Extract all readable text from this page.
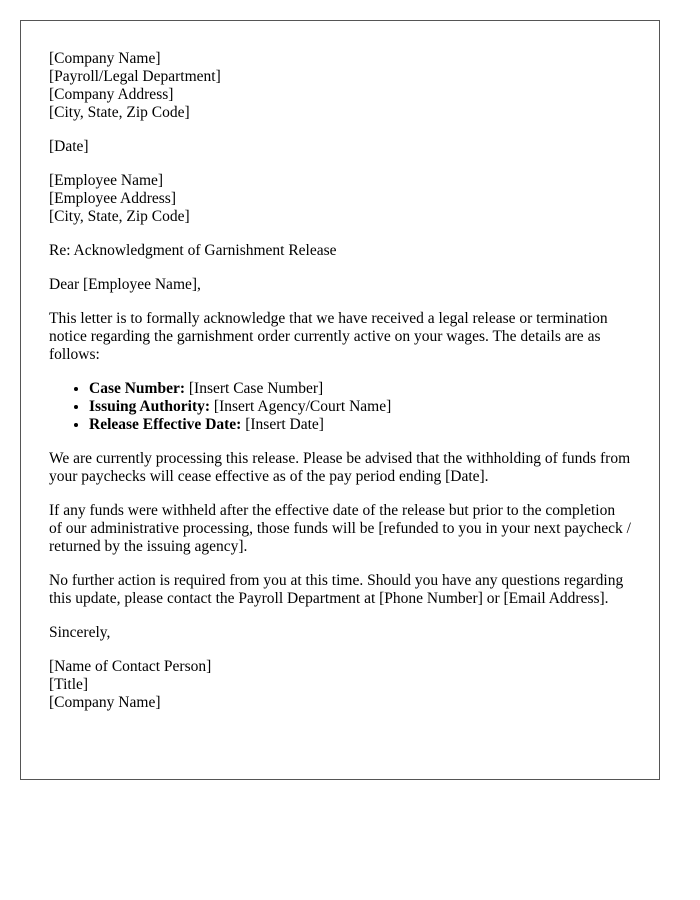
[Company Name]
[Payroll/Legal Department]
[Company Address]
[City, State, Zip Code]
[Date]
[Employee Name]
[Employee Address]
[City, State, Zip Code]

Re: Acknowledgment of Garnishment Release

Dear [Employee Name],

This letter is to formally acknowledge that we have received a legal release or termination notice regarding the garnishment order currently active on your wages. The details are as follows:

• Case Number: [Insert Case Number]
• Issuing Authority: [Insert Agency/Court Name]
• Release Effective Date: [Insert Date]

We are currently processing this release. Please be advised that the withholding of funds from your paychecks will cease effective as of the pay period ending [Date].

If any funds were withheld after the effective date of the release but prior to the completion of our administrative processing, those funds will be [refunded to you in your next paycheck / returned by the issuing agency].

No further action is required from you at this time. Should you have any questions regarding this update, please contact the Payroll Department at [Phone Number] or [Email Address].

Sincerely,

[Name of Contact Person]
[Title]
[Company Name]
